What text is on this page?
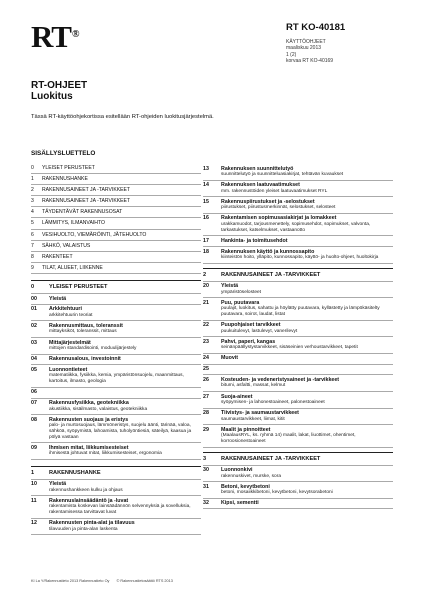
RT®
RT KO-40181
KÄYTTÖOHJEET
maaliskuu 2013
1 (2)
korvaa RT KO-40169
RT-OHJEET
Luokitus
Tässä RT-käyttöohjekortissa esitellään RT-ohjeiden luokitusjärjestelmä.
SISÄLLYSLUETTELO
0	YLEISET PERUSTEET
1	RAKENNUSHANKE
2	RAKENNUSAINEET JA -TARVIKKEET
3	RAKENNUSAINEET JA -TARVIKKEET
4	TÄYDENTÄVÄT RAKENNUSOSAT
5	LÄMMITYS, ILMANVAIHTO
6	VESIHUOLTO, VIEMÄRÖINTI, JÄTEHUOLTO
7	SÄHKÖ, VALAISTUS
8	RAKENTEET
9	TILAT, ALUEET, LIIKENNE
0	YLEISET PERUSTEET
00	Yleistä
01	Arkkitehtuuri
arkkitehtuurin teoriat
02	Rakennusmittaus, toleranssit
mittayksiköt, toleranssit, mittaus
03	Mittajärjestelmät
mittojen standardisointi, moduulijärjestely
04	Rakennusalous, investoinnit
05	Luonnontieteet
matematiikka, fysiikka, kemia, ympäristönsuojelu, maanmittaus, kartoitus, ilmasto, geologia
06
07	Rakennusfysiikka, geotekniikka
akustiikka, sisäilmasto, valaistus, geotekniikka
08	Rakennusten suojaus ja eristys
palo- ja murtosuojaus, lämmöneristys, suojelu äänti, tärinää, valoa, sähköä, syöpymistä, lahoamista, tuholyöntiesiä, säteilyä, kaasua ja pölyä vastaan
09	Ihmisen mitat, liikkumisesteiset
ihmisestä johtuvat mitat, liikkumisesteiset, ergonomia
1	RAKENNUSHANKE
10	Yleistä
rakennushankkeen kulku ja ohjaus
11	Rakennuslainsäädäntö ja -luvat
rakentamista koskevan lainsäädännön selvennyksiä ja sovelluksia, rakentamisessa tarvittavat luvat
12	Rakennusten pinta-alat ja tilavuus
tilavuuden ja pinta-alan laskenta
13	Rakennuksen suunnittelutyö
suunnittelutyö ja suunnitteluasiakirjat, tehtävän kuvaukset
14	Rakennuksen laatuvaatimukset
mm. rakennustöiden yleiset laatuvaatimukset RYL
15	Rakennuspiirustukset ja -selostukset
piirustukset, piirustusmerkinnät, selostukset, selosteet
16	Rakentamisen sopimusasiakirjat ja lomakkeet
urakkamuodot, tarjousmenettely, sopimusehdot, sopimukset, valvonta, tarkastukset, katselmukset, vastaanotto
17	Hankinta- ja toimitusehdot
18	Rakennuksen käyttö ja kunnossapito
kiinteistön hoito, ylläpito, kunnossapito, käyttö- ja huolto-ohjeet, huoltokirja
2	RAKENNUSAINEET JA -TARVIKKEET
20	Yleistä
ympäristöselosteet
21	Puu, puutavara
puulajit, luokitus, sahattu ja höylätty puutavara, kyllästetty ja lämpökäsitelty puutavara, soirot, laudat, listat
22	Puupohjaiset tarvikkeet
puukuitulevyt, lastulevyt, vanerilevyt
23	Pahvi, paperi, kangas
seinänpäällystystarvikkeet, sisäseinien verhoustarvikkeet, tapetit
24	Muovit
25
26	Kosteuden- ja vedeneristysaineet ja -tarvikkeet
bitumi, asfaltti, massat, kelmut
27	Suoja-aineet
syöpymisen- ja lahonestoaineet, palonestoaineet
28	Tiivistys- ja saumaustarvikkeet
saumaustarvikkeet, liimat, kitit
29	Maalit ja pinnoitteet
(MaalausRYL, ks. ryhmä 14) maalit, lakat, liuottimet, ohentimet, korroosionestoaineet
3	RAKENNUSAINEET JA -TARVIKKEET
30	Luonnonkivi
rakennuskivet, murske, sora
31	Betoni, kevytbetoni
betoni, mosaiikkibetoni, kevytbetoni, kevytsorabetoni
32	Kipsi, sementti
KI La Y/Rakennustieto 2013 Rakennustieto Oy © Rakennustietosäätiö RTS 2013
